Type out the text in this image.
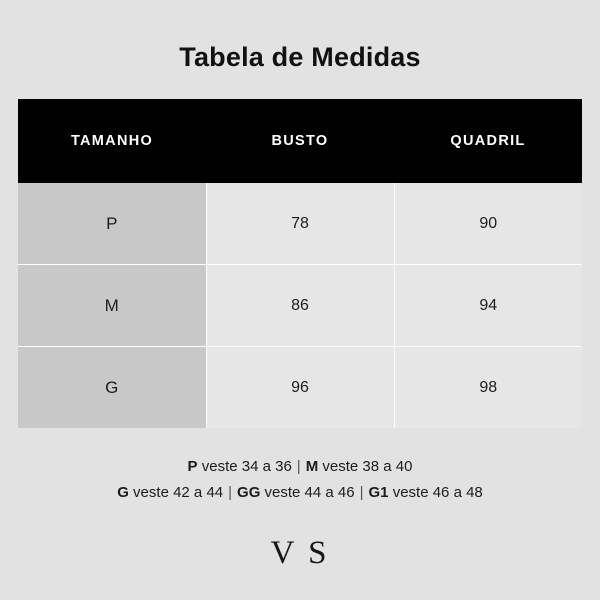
Tabela de Medidas
TAMANHO	BUSTO	QUADRIL
P	78	90
M	86	94
G	96	98
P veste 34 a 36 | M veste 38 a 40
G veste 42 a 44 | GG veste 44 a 46 | G1 veste 46 a 48
V S
